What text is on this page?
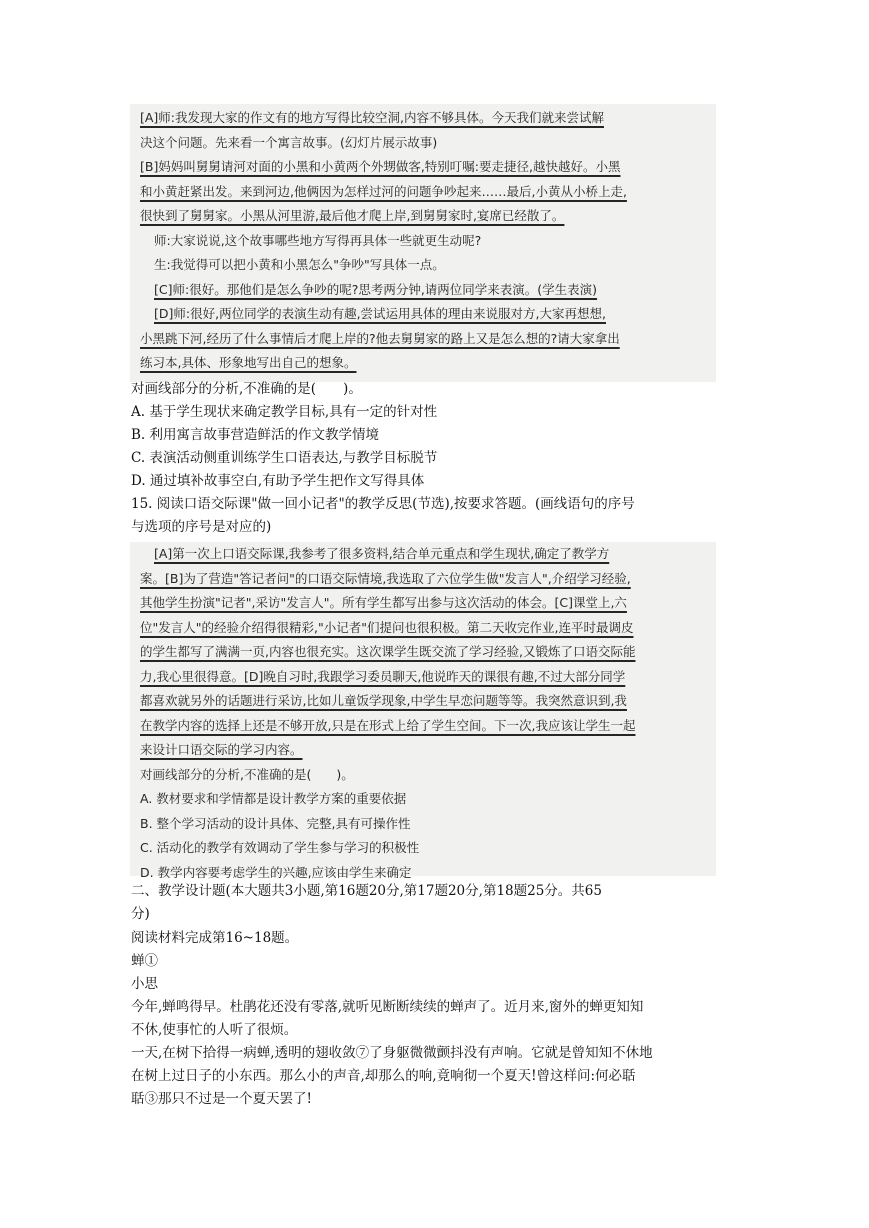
[A]师:我发现大家的作文有的地方写得比较空洞,内容不够具体。今天我们就来尝试解

决这个问题。先来看一个寓言故事。(幻灯片展示故事)

[B]妈妈叫舅舅请河对面的小黑和小黄两个外甥做客,特别叮嘱:要走捷径,越快越好。小黑

和小黄赶紧出发。来到河边,他俩因为怎样过河的问题争吵起来……最后,小黄从小桥上走,

很快到了舅舅家。小黑从河里游,最后他才爬上岸,到舅舅家时,宴席已经散了。

师:大家说说,这个故事哪些地方写得再具体一些就更生动呢?

生:我觉得可以把小黄和小黑怎么"争吵"写具体一点。

[C]师:很好。那他们是怎么争吵的呢?思考两分钟,请两位同学来表演。(学生表演)

[D]师:很好,两位同学的表演生动有趣,尝试运用具体的理由来说服对方,大家再想想,

小黑跳下河,经历了什么事情后才爬上岸的?他去舅舅家的路上又是怎么想的?请大家拿出

练习本,具体、形象地写出自己的想象。

对画线部分的分析,不准确的是(　　)。

A. 基于学生现状来确定教学目标,具有一定的针对性

B. 利用寓言故事营造鲜活的作文教学情境

C. 表演活动侧重训练学生口语表达,与教学目标脱节

D. 通过填补故事空白,有助予学生把作文写得具体

15. 阅读口语交际课"做一回小记者"的教学反思(节选),按要求答题。(画线语句的序号

与选项的序号是对应的)

[A]第一次上口语交际课,我参考了很多资料,结合单元重点和学生现状,确定了教学方

案。[B]为了营造"答记者问"的口语交际情境,我选取了六位学生做"发言人",介绍学习经验,

其他学生扮演"记者",采访"发言人"。所有学生都写出参与这次活动的体会。[C]课堂上,六

位"发言人"的经验介绍得很精彩,"小记者"们提问也很积极。第二天收完作业,连平时最调皮

的学生都写了满满一页,内容也很充实。这次课学生既交流了学习经验,又锻炼了口语交际能

力,我心里很得意。[D]晚自习时,我跟学习委员聊天,他说昨天的课很有趣,不过大部分同学

都喜欢就另外的话题进行采访,比如儿童饭学现象,中学生早恋问题等等。我突然意识到,我

在教学内容的选择上还是不够开放,只是在形式上给了学生空间。下一次,我应该让学生一起

来设计口语交际的学习内容。

对画线部分的分析,不准确的是(　　)。

A. 教材要求和学情都是设计教学方案的重要依据

B. 整个学习活动的设计具体、完整,具有可操作性

C. 活动化的教学有效调动了学生参与学习的积极性

D. 教学内容要考虑学生的兴趣,应该由学生来确定

二、教学设计题(本大题共3小题,第16题20分,第17题20分,第18题25分。共65

分)

阅读材料完成第16~18题。

蝉①

小思

今年,蝉鸣得早。杜鹃花还没有零落,就听见断断续续的蝉声了。近月来,窗外的蝉更知知

不休,使事忙的人听了很烦。

一天,在树下拾得一病蝉,透明的翅收敛⑦了身躯微微颤抖没有声响。它就是曾知知不休地

在树上过日子的小东西。那么小的声音,却那么的响,竟响彻一个夏天!曾这样问:何必聒

聒③那只不过是一个夏天罢了!
